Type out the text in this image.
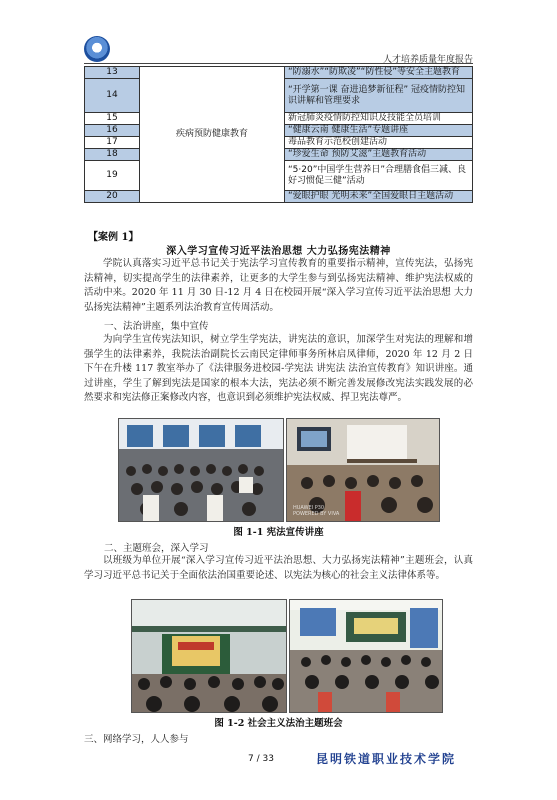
人才培养质量年度报告
13	疾病预防健康教育	“防溺水”“防欺凌”“防性侵”等安全主题教育
14		“开学第一课 奋进追梦新征程” 冠疫情防控知识讲解和管理要求
15		新冠肺炎疫情防控知识及技能全员培训
16		“健康云南 健康生活”专题讲座
17		毒品教育示范校创建活动
18		“珍爱生命 预防艾滋”主题教育活动
19		“5·20”中国学生营养日”合理膳食倡三减、良好习惯促三健”活动
20		“爱眼护眼 光明未来”全国爱眼日主题活动
【案例 1】
深入学习宣传习近平法治思想 大力弘扬宪法精神
学院认真落实习近平总书记关于宪法学习宣传教育的重要指示精神，宣传宪法，弘扬宪法精神，切实提高学生的法律素养，让更多的大学生参与到弘扬宪法精神、维护宪法权威的活动中来。2020 年 11 月 30 日-12 月 4 日在校园开展“深入学习宣传习近平法治思想 大力弘扬宪法精神”主题系列法治教育宣传周活动。
一、法治讲座，集中宣传
为向学生宣传宪法知识，树立学生学宪法，讲宪法的意识，加深学生对宪法的理解和增强学生的法律素养，我院法治副院长云南民定律师事务所林启凤律师，2020 年 12 月 2 日下午在升楼 117 教室举办了《法律服务进校园-学宪法 讲宪法 法治宣传教育》知识讲座。通过讲座，学生了解到宪法是国家的根本大法，宪法必须不断完善发展修改宪法实践发展的必然要求和宪法修正案修改内容，也意识到必须维护宪法权威、捍卫宪法尊严。
HUAWEI P30
POWERED BY VIVA
图 1-1 宪法宣传讲座
二、主题班会，深入学习
以班级为单位开展“深入学习宣传习近平法治思想、大力弘扬宪法精神”主题班会，认真学习习近平总书记关于全面依法治国重要论述、以宪法为核心的社会主义法律体系等。
图 1-2 社会主义法治主题班会
三、网络学习，人人参与
7 / 33	昆明铁道职业技术学院
